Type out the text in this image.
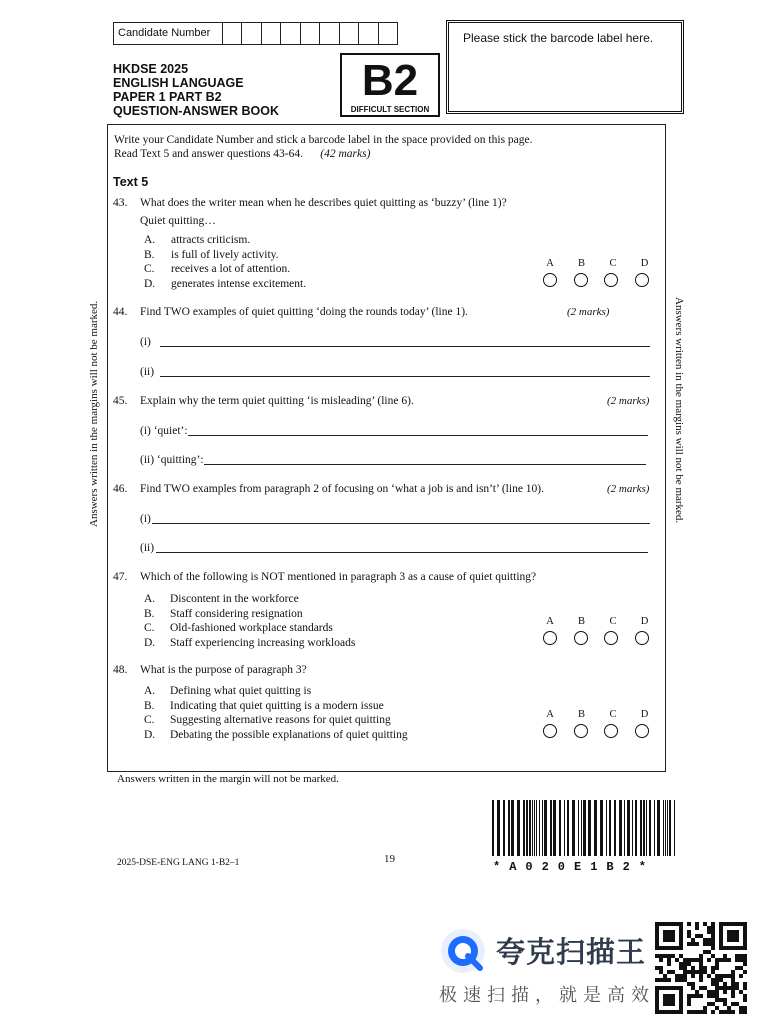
Candidate Number
HKDSE 2025
ENGLISH LANGUAGE
PAPER 1 PART B2
QUESTION-ANSWER BOOK
B2
DIFFICULT SECTION
Please stick the barcode label here.
Write your Candidate Number and stick a barcode label in the space provided on this page.
Read Text 5 and answer questions 43-64. (42 marks)
Text 5
43. What does the writer mean when he describes quiet quitting as ‘buzzy’ (line 1)?
Quiet quitting…
A. attracts criticism.
B. is full of lively activity.
C. receives a lot of attention.
D. generates intense excitement.
A	B	C	D
44. Find TWO examples of quiet quitting ‘doing the rounds today’ (line 1).	(2 marks)
(i)
(ii)
45. Explain why the term quiet quitting ‘is misleading’ (line 6).	(2 marks)
(i) ‘quiet’:
(ii) ‘quitting’:
46. Find TWO examples from paragraph 2 of focusing on ‘what a job is and isn’t’ (line 10).	(2 marks)
(i)
(ii)
47. Which of the following is NOT mentioned in paragraph 3 as a cause of quiet quitting?
A. Discontent in the workforce
B. Staff considering resignation
C. Old-fashioned workplace standards
D. Staff experiencing increasing workloads
A	B	C	D
48. What is the purpose of paragraph 3?
A. Defining what quiet quitting is
B. Indicating that quiet quitting is a modern issue
C. Suggesting alternative reasons for quiet quitting
D. Debating the possible explanations of quiet quitting
A	B	C	D
Answers written in the margins will not be marked.	Answers written in the margins will not be marked.
Answers written in the margin will not be marked.
2025-DSE-ENG LANG 1-B2–1	19
*A020E1B2*
夸克扫描王
极速扫描，就是高效
